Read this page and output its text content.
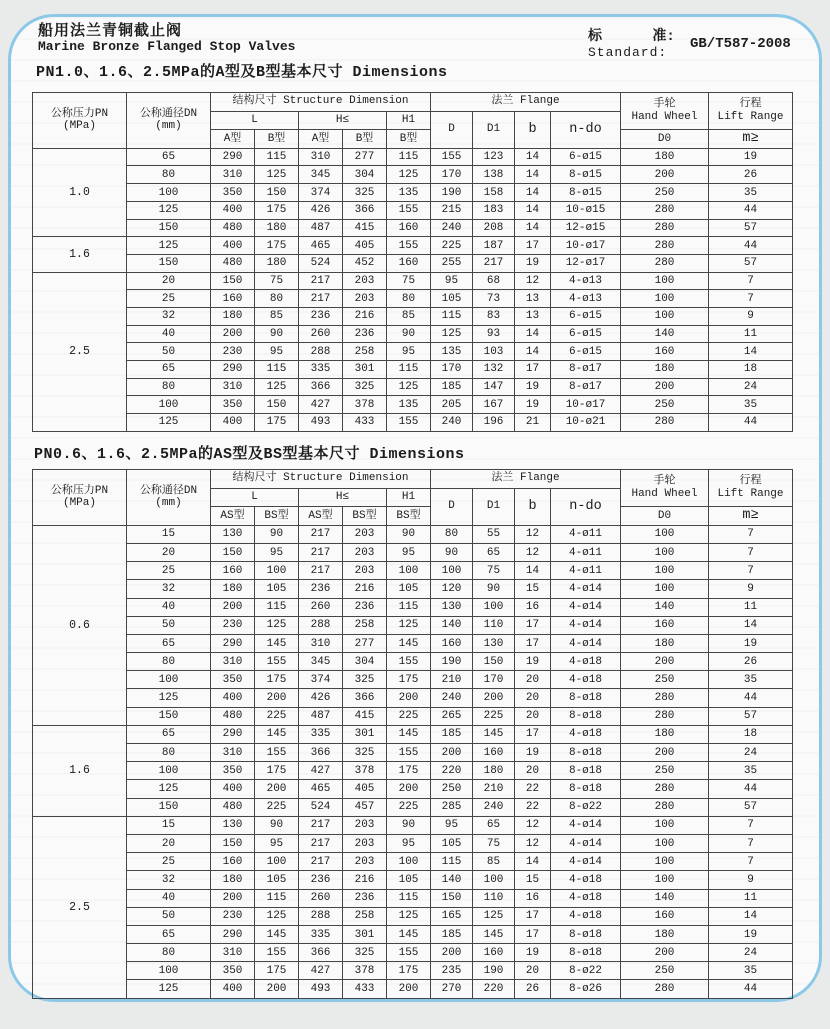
船用法兰青铜截止阀
Marine Bronze Flanged Stop Valves
标      准:
Standard:
GB/T587-2008
PN1.0、1.6、2.5MPa的A型及B型基本尺寸 Dimensions
公称压力PN
(MPa)

公称通径DN
(mm)
	结构尺寸 Structure Dimension	法兰 Flange	手轮
Hand Wheel

行程
Lift Range

		L		H≤		H1	D	D1	b	n-do		
		A型	B型	A型	B型	B型					D0	m≥
1.0	65	290	115	310	277	115	155	123	14	6-ø15	180	19
	80	310	125	345	304	125	170	138	14	8-ø15	200	26
	100	350	150	374	325	135	190	158	14	8-ø15	250	35
	125	400	175	426	366	155	215	183	14	10-ø15	280	44
	150	480	180	487	415	160	240	208	14	12-ø15	280	57
1.6	125	400	175	465	405	155	225	187	17	10-ø17	280	44
	150	480	180	524	452	160	255	217	19	12-ø17	280	57
2.5	20	150	75	217	203	75	95	68	12	4-ø13	100	7
	25	160	80	217	203	80	105	73	13	4-ø13	100	7
	32	180	85	236	216	85	115	83	13	6-ø15	100	9
	40	200	90	260	236	90	125	93	14	6-ø15	140	11
	50	230	95	288	258	95	135	103	14	6-ø15	160	14
	65	290	115	335	301	115	170	132	17	8-ø17	180	18
	80	310	125	366	325	125	185	147	19	8-ø17	200	24
	100	350	150	427	378	135	205	167	19	10-ø17	250	35
	125	400	175	493	433	155	240	196	21	10-ø21	280	44
PN0.6、1.6、2.5MPa的AS型及BS型基本尺寸 Dimensions
公称压力PN
(MPa)

公称通径DN
(mm)
	结构尺寸 Structure Dimension	法兰 Flange	手轮
Hand Wheel

行程
Lift Range

		L		H≤		H1	D	D1	b	n-do		
		AS型	BS型	AS型	BS型	BS型					D0	m≥
0.6	15	130	90	217	203	90	80	55	12	4-ø11	100	7
	20	150	95	217	203	95	90	65	12	4-ø11	100	7
	25	160	100	217	203	100	100	75	14	4-ø11	100	7
	32	180	105	236	216	105	120	90	15	4-ø14	100	9
	40	200	115	260	236	115	130	100	16	4-ø14	140	11
	50	230	125	288	258	125	140	110	17	4-ø14	160	14
	65	290	145	310	277	145	160	130	17	4-ø14	180	19
	80	310	155	345	304	155	190	150	19	4-ø18	200	26
	100	350	175	374	325	175	210	170	20	4-ø18	250	35
	125	400	200	426	366	200	240	200	20	8-ø18	280	44
	150	480	225	487	415	225	265	225	20	8-ø18	280	57
1.6	65	290	145	335	301	145	185	145	17	4-ø18	180	18
	80	310	155	366	325	155	200	160	19	8-ø18	200	24
	100	350	175	427	378	175	220	180	20	8-ø18	250	35
	125	400	200	465	405	200	250	210	22	8-ø18	280	44
	150	480	225	524	457	225	285	240	22	8-ø22	280	57
2.5	15	130	90	217	203	90	95	65	12	4-ø14	100	7
	20	150	95	217	203	95	105	75	12	4-ø14	100	7
	25	160	100	217	203	100	115	85	14	4-ø14	100	7
	32	180	105	236	216	105	140	100	15	4-ø18	100	9
	40	200	115	260	236	115	150	110	16	4-ø18	140	11
	50	230	125	288	258	125	165	125	17	4-ø18	160	14
	65	290	145	335	301	145	185	145	17	8-ø18	180	19
	80	310	155	366	325	155	200	160	19	8-ø18	200	24
	100	350	175	427	378	175	235	190	20	8-ø22	250	35
	125	400	200	493	433	200	270	220	26	8-ø26	280	44
